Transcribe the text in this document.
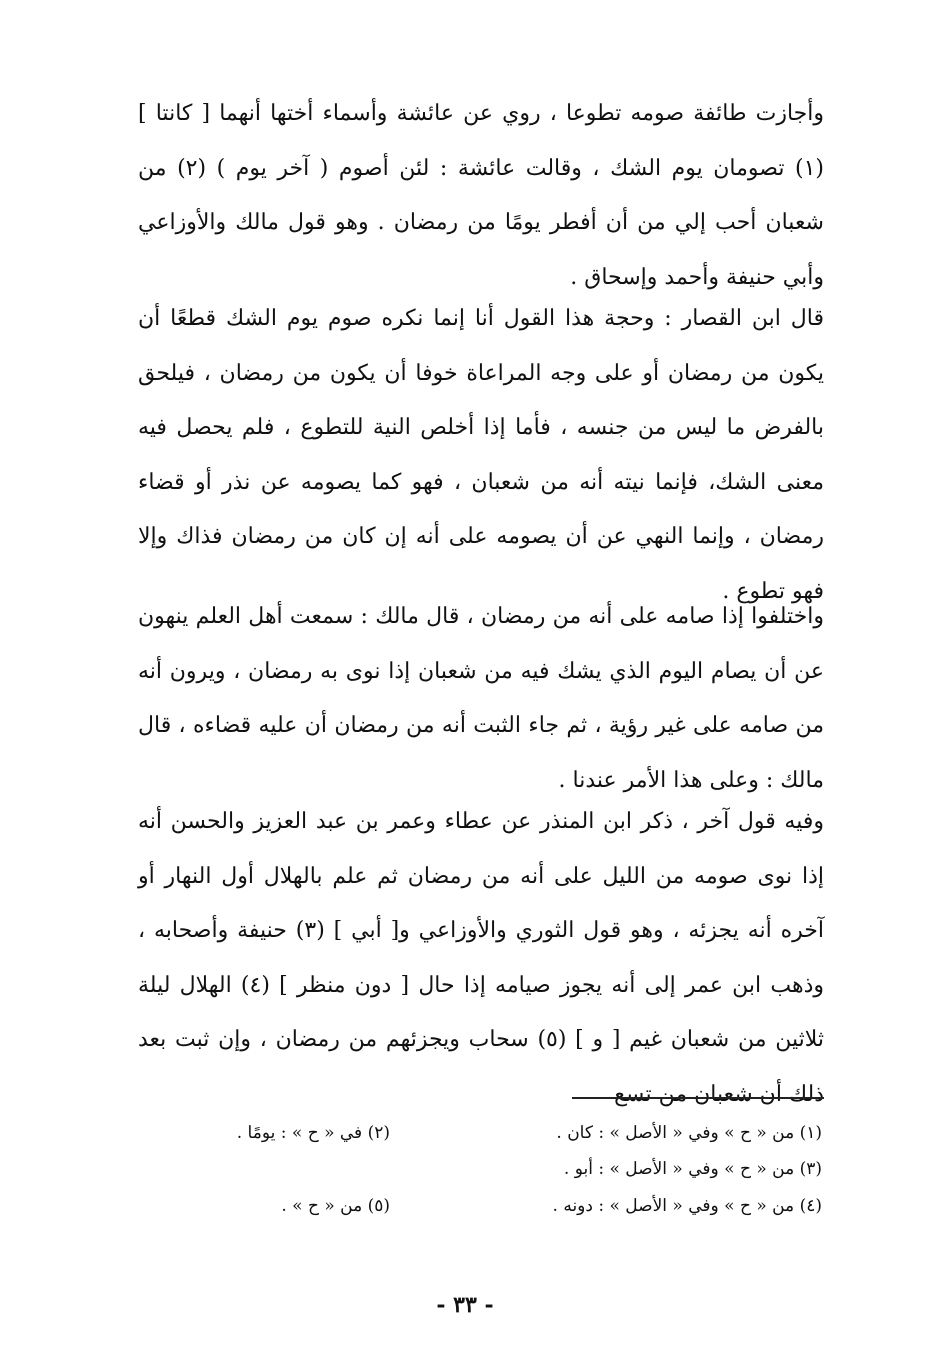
وأجازت طائفة صومه تطوعا ، روي عن عائشة وأسماء أختها أنهما [ كانتا ](١) تصومان يوم الشك ، وقالت عائشة : لئن أصوم ( آخر يوم ) (٢) من شعبان أحب إلي من أن أفطر يومًا من رمضان . وهو قول مالك والأوزاعي وأبي حنيفة وأحمد وإسحاق .
قال ابن القصار : وحجة هذا القول أنا إنما نكره صوم يوم الشك قطعًا أن يكون من رمضان أو على وجه المراعاة خوفا أن يكون من رمضان ، فيلحق بالفرض ما ليس من جنسه ، فأما إذا أخلص النية للتطوع ، فلم يحصل فيه معنى الشك، فإنما نيته أنه من شعبان ، فهو كما يصومه عن نذر أو قضاء رمضان ، وإنما النهي عن أن يصومه على أنه إن كان من رمضان فذاك وإلا فهو تطوع .
واختلفوا إذا صامه على أنه من رمضان ، قال مالك : سمعت أهل العلم ينهون عن أن يصام اليوم الذي يشك فيه من شعبان إذا نوى به رمضان ، ويرون أنه من صامه على غير رؤية ، ثم جاء الثبت أنه من رمضان أن عليه قضاءه ، قال مالك : وعلى هذا الأمر عندنا .
وفيه قول آخر ، ذكر ابن المنذر عن عطاء وعمر بن عبد العزيز والحسن أنه إذا نوى صومه من الليل على أنه من رمضان ثم علم بالهلال أول النهار أو آخره أنه يجزئه ، وهو قول الثوري والأوزاعي و[ أبي ] (٣) حنيفة وأصحابه ، وذهب ابن عمر إلى أنه يجوز صيامه إذا حال [ دون منظر ] (٤) الهلال ليلة ثلاثين من شعبان غيم [ و ] (٥) سحاب ويجزئهم من رمضان ، وإن ثبت بعد ذلك أن شعبان من تسع
(١) من « ح » وفي « الأصل » : كان .
(٢) في « ح » : يومًا .
(٣) من « ح » وفي « الأصل » : أبو .
(٤) من « ح » وفي « الأصل » : دونه .
(٥) من « ح » .
- ٣٣ -
